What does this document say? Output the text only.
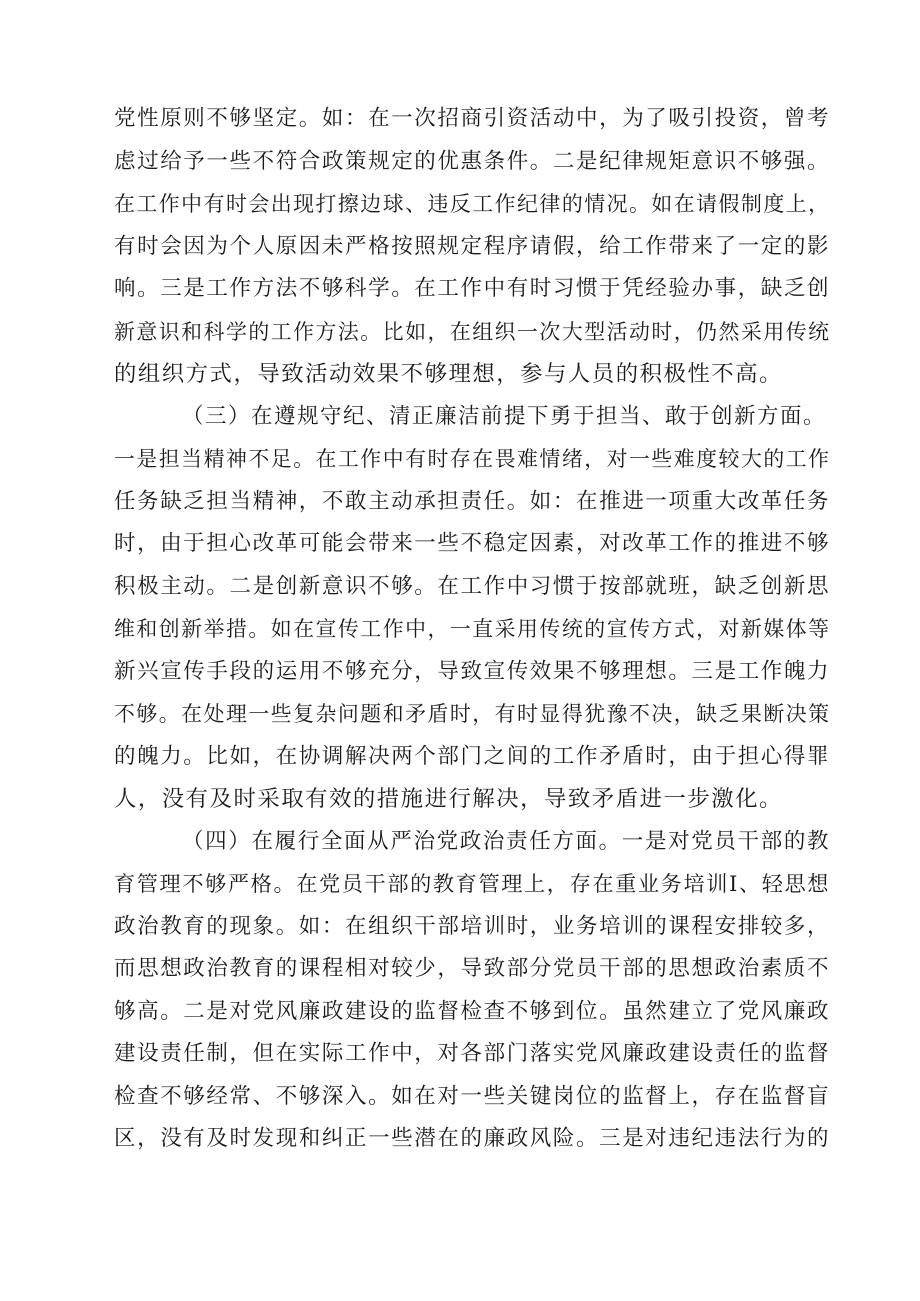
党性原则不够坚定。如：在一次招商引资活动中，为了吸引投资，曾考
虑过给予一些不符合政策规定的优惠条件。二是纪律规矩意识不够强。
在工作中有时会出现打擦边球、违反工作纪律的情况。如在请假制度上，
有时会因为个人原因未严格按照规定程序请假，给工作带来了一定的影
响。三是工作方法不够科学。在工作中有时习惯于凭经验办事，缺乏创
新意识和科学的工作方法。比如，在组织一次大型活动时，仍然采用传统
的组织方式，导致活动效果不够理想，参与人员的积极性不高。
（三）在遵规守纪、清正廉洁前提下勇于担当、敢于创新方面。
一是担当精神不足。在工作中有时存在畏难情绪，对一些难度较大的工作
任务缺乏担当精神，不敢主动承担责任。如：在推进一项重大改革任务
时，由于担心改革可能会带来一些不稳定因素，对改革工作的推进不够
积极主动。二是创新意识不够。在工作中习惯于按部就班，缺乏创新思
维和创新举措。如在宣传工作中，一直采用传统的宣传方式，对新媒体等
新兴宣传手段的运用不够充分，导致宣传效果不够理想。三是工作魄力
不够。在处理一些复杂问题和矛盾时，有时显得犹豫不决，缺乏果断决策
的魄力。比如，在协调解决两个部门之间的工作矛盾时，由于担心得罪
人，没有及时采取有效的措施进行解决，导致矛盾进一步激化。
（四）在履行全面从严治党政治责任方面。一是对党员干部的教
育管理不够严格。在党员干部的教育管理上，存在重业务培训I、轻思想
政治教育的现象。如：在组织干部培训时，业务培训的课程安排较多，
而思想政治教育的课程相对较少，导致部分党员干部的思想政治素质不
够高。二是对党风廉政建设的监督检查不够到位。虽然建立了党风廉政
建设责任制，但在实际工作中，对各部门落实党风廉政建设责任的监督
检查不够经常、不够深入。如在对一些关键岗位的监督上，存在监督盲
区，没有及时发现和纠正一些潜在的廉政风险。三是对违纪违法行为的
